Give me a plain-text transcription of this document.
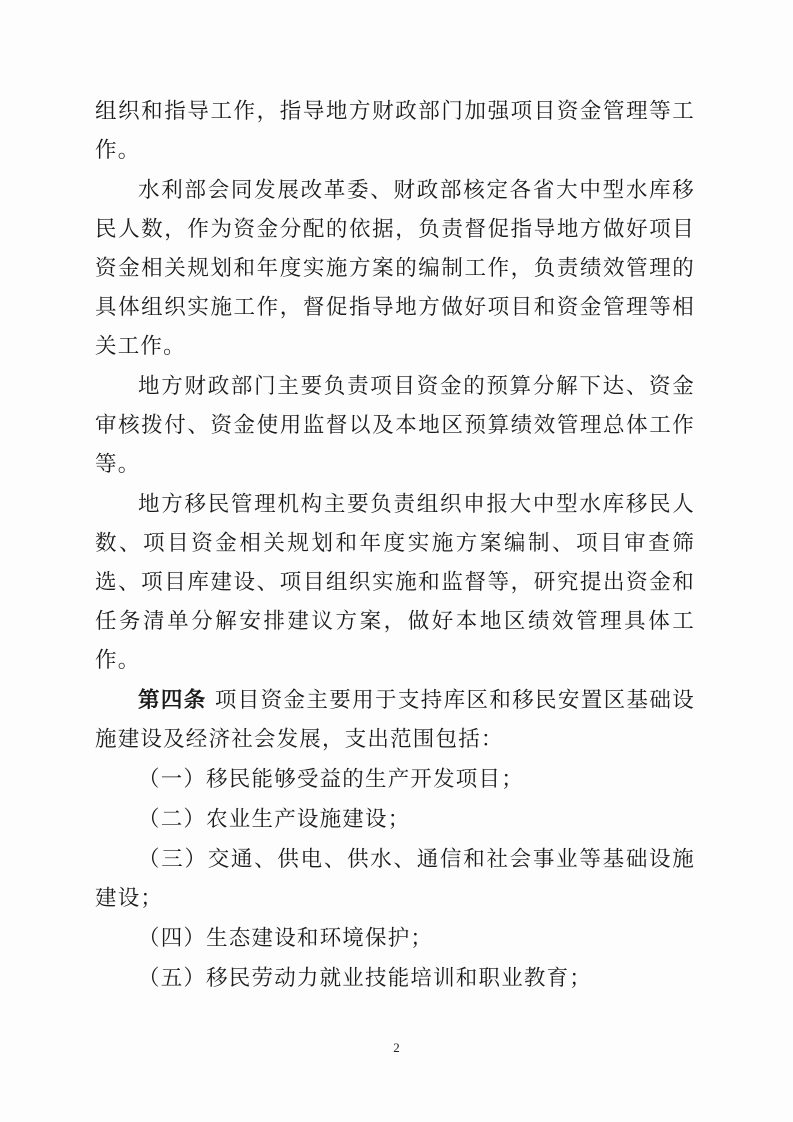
组织和指导工作，指导地方财政部门加强项目资金管理等工作。

水利部会同发展改革委、财政部核定各省大中型水库移民人数，作为资金分配的依据，负责督促指导地方做好项目资金相关规划和年度实施方案的编制工作，负责绩效管理的具体组织实施工作，督促指导地方做好项目和资金管理等相关工作。

地方财政部门主要负责项目资金的预算分解下达、资金审核拨付、资金使用监督以及本地区预算绩效管理总体工作等。

地方移民管理机构主要负责组织申报大中型水库移民人数、项目资金相关规划和年度实施方案编制、项目审查筛选、项目库建设、项目组织实施和监督等，研究提出资金和任务清单分解安排建议方案，做好本地区绩效管理具体工作。

第四条 项目资金主要用于支持库区和移民安置区基础设施建设及经济社会发展，支出范围包括：

（一）移民能够受益的生产开发项目；

（二）农业生产设施建设；

（三）交通、供电、供水、通信和社会事业等基础设施建设；

（四）生态建设和环境保护；

（五）移民劳动力就业技能培训和职业教育；

2
